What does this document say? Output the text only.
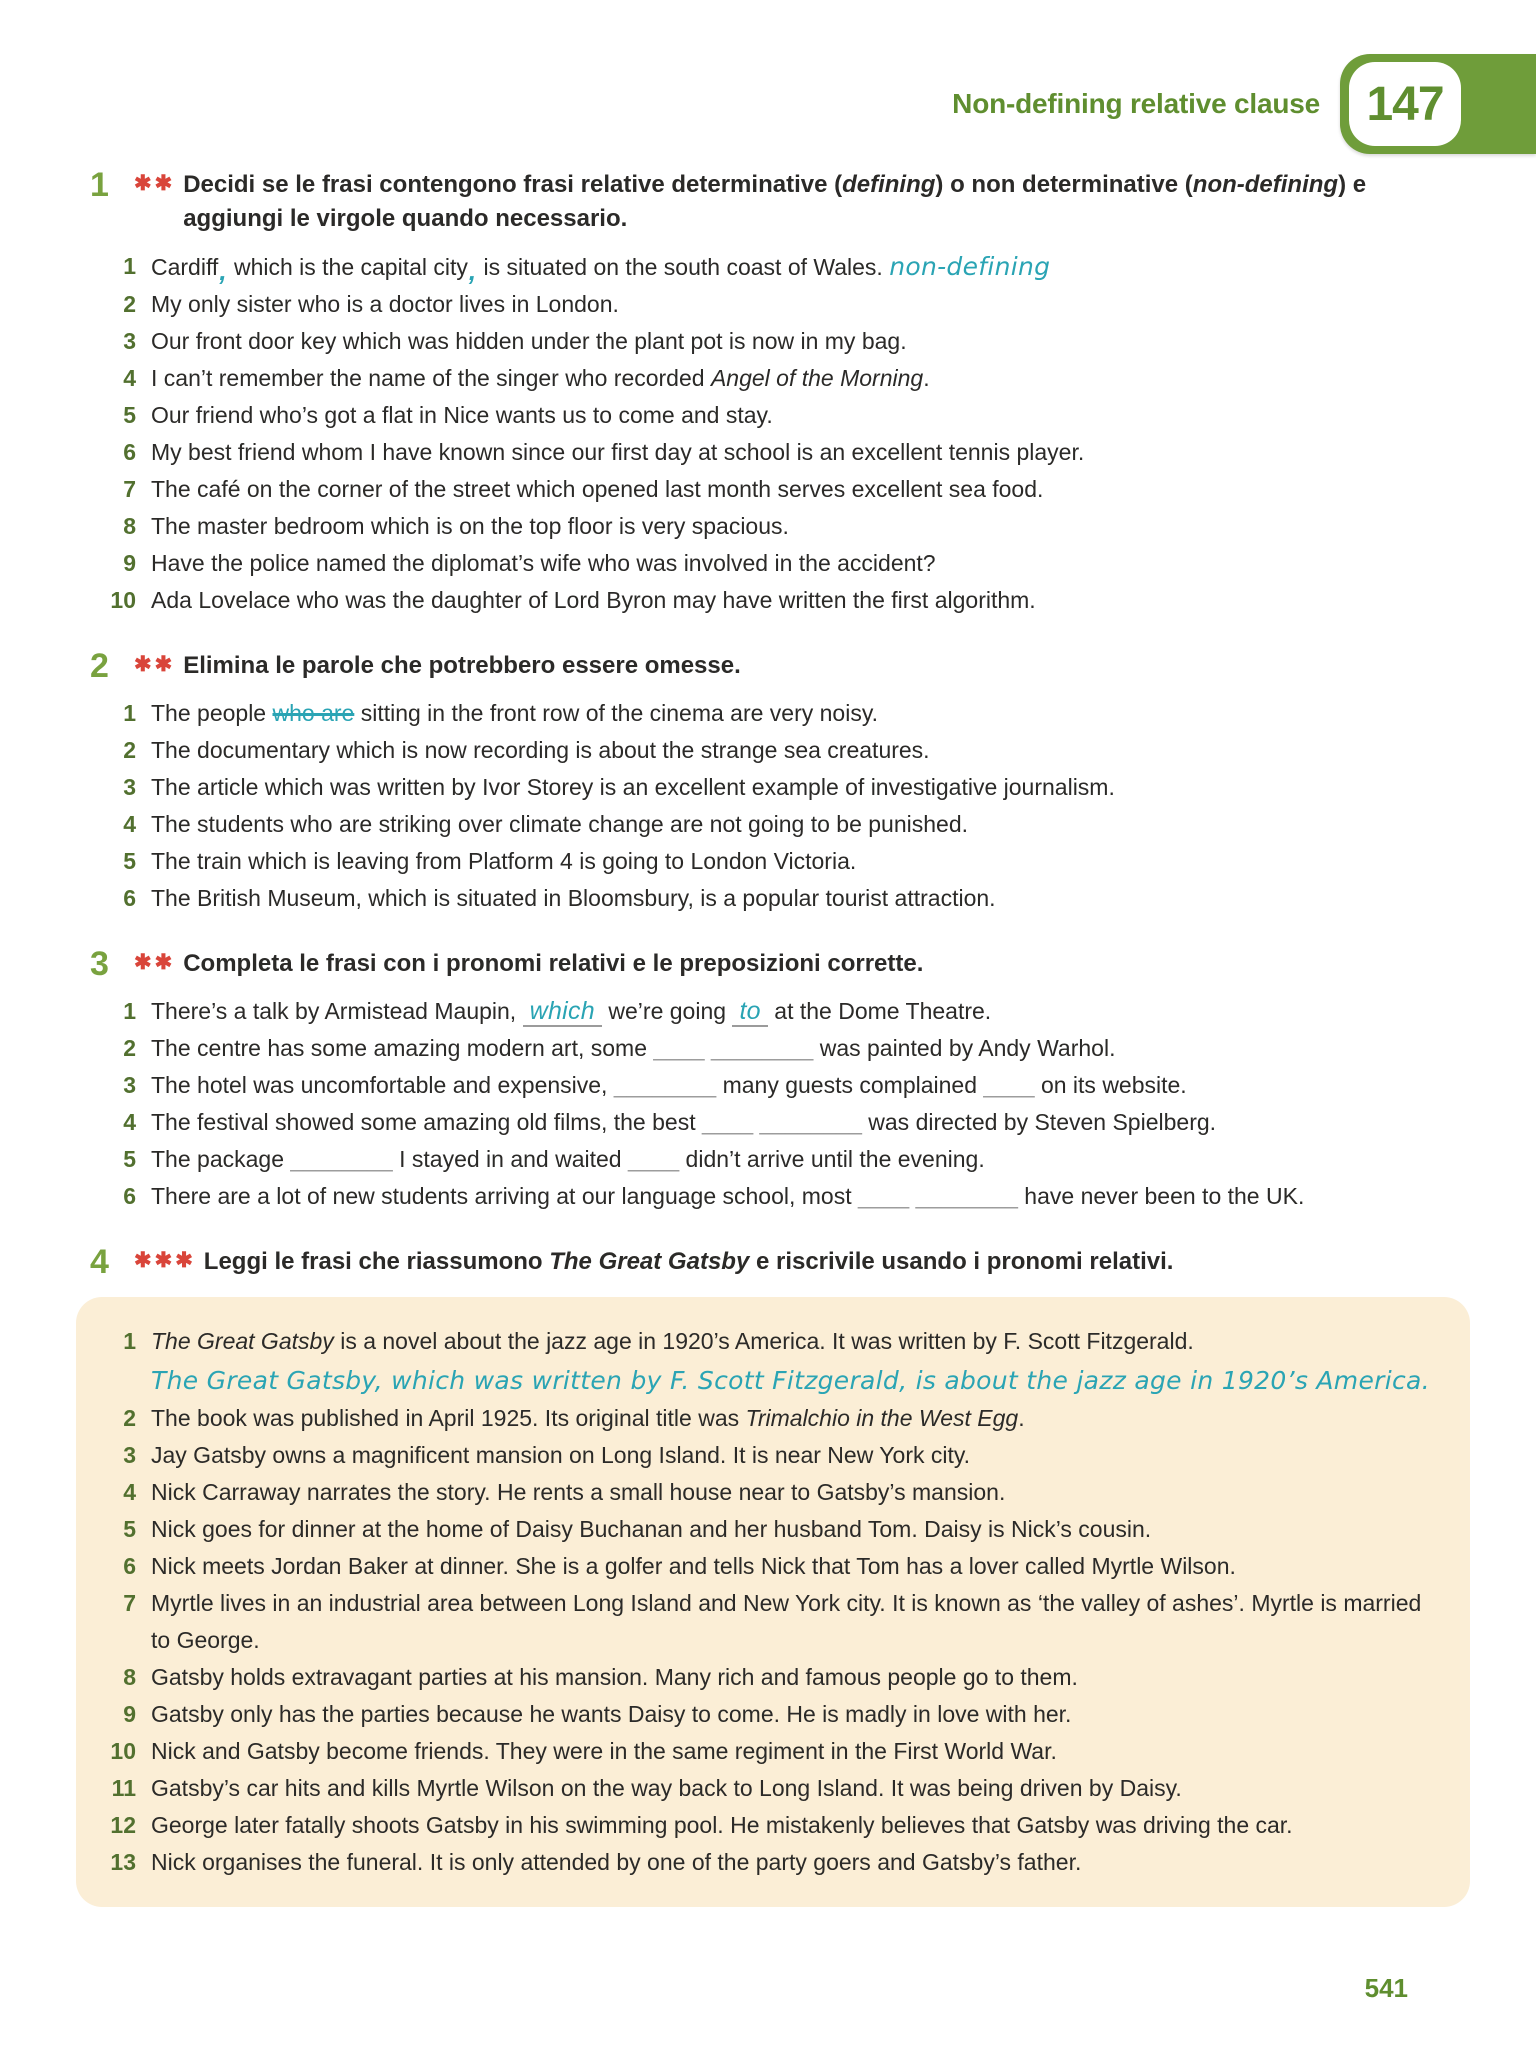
Non-defining relative clause 147
1	✱✱ Decidi se le frasi contengono frasi relative determinative (defining) o non determinative (non-defining) e aggiungi le virgole quando necessario.

1 Cardiff, which is the capital city, is situated on the south coast of Wales. non-defining
2 My only sister who is a doctor lives in London.
3 Our front door key which was hidden under the plant pot is now in my bag.
4 I can’t remember the name of the singer who recorded Angel of the Morning.
5 Our friend who’s got a flat in Nice wants us to come and stay.
6 My best friend whom I have known since our first day at school is an excellent tennis player.
7 The café on the corner of the street which opened last month serves excellent sea food.
8 The master bedroom which is on the top floor is very spacious.
9 Have the police named the diplomat’s wife who was involved in the accident?
10 Ada Lovelace who was the daughter of Lord Byron may have written the first algorithm.
2	✱✱ Elimina le parole che potrebbero essere omesse.

1 The people who are sitting in the front row of the cinema are very noisy.
2 The documentary which is now recording is about the strange sea creatures.
3 The article which was written by Ivor Storey is an excellent example of investigative journalism.
4 The students who are striking over climate change are not going to be punished.
5 The train which is leaving from Platform 4 is going to London Victoria.
6 The British Museum, which is situated in Bloomsbury, is a popular tourist attraction.
3	✱✱ Completa le frasi con i pronomi relativi e le preposizioni corrette.

1 There’s a talk by Armistead Maupin, which we’re going to at the Dome Theatre.
2 The centre has some amazing modern art, some ____ ________ was painted by Andy Warhol.
3 The hotel was uncomfortable and expensive, ________ many guests complained ____ on its website.
4 The festival showed some amazing old films, the best ____ ________ was directed by Steven Spielberg.
5 The package ________ I stayed in and waited ____ didn’t arrive until the evening.
6 There are a lot of new students arriving at our language school, most ____ ________ have never been to the UK.
4	✱✱✱ Leggi le frasi che riassumono The Great Gatsby e riscrivile usando i pronomi relativi.

1 The Great Gatsby is a novel about the jazz age in 1920’s America. It was written by F. Scott Fitzgerald.
The Great Gatsby, which was written by F. Scott Fitzgerald, is about the jazz age in 1920’s America.
2 The book was published in April 1925. Its original title was Trimalchio in the West Egg.
3 Jay Gatsby owns a magnificent mansion on Long Island. It is near New York city.
4 Nick Carraway narrates the story. He rents a small house near to Gatsby’s mansion.
5 Nick goes for dinner at the home of Daisy Buchanan and her husband Tom. Daisy is Nick’s cousin.
6 Nick meets Jordan Baker at dinner. She is a golfer and tells Nick that Tom has a lover called Myrtle Wilson.
7 Myrtle lives in an industrial area between Long Island and New York city. It is known as ‘the valley of ashes’. Myrtle is married to George.
8 Gatsby holds extravagant parties at his mansion. Many rich and famous people go to them.
9 Gatsby only has the parties because he wants Daisy to come. He is madly in love with her.
10 Nick and Gatsby become friends. They were in the same regiment in the First World War.
11 Gatsby’s car hits and kills Myrtle Wilson on the way back to Long Island. It was being driven by Daisy.
12 George later fatally shoots Gatsby in his swimming pool. He mistakenly believes that Gatsby was driving the car.
13 Nick organises the funeral. It is only attended by one of the party goers and Gatsby’s father.
541
